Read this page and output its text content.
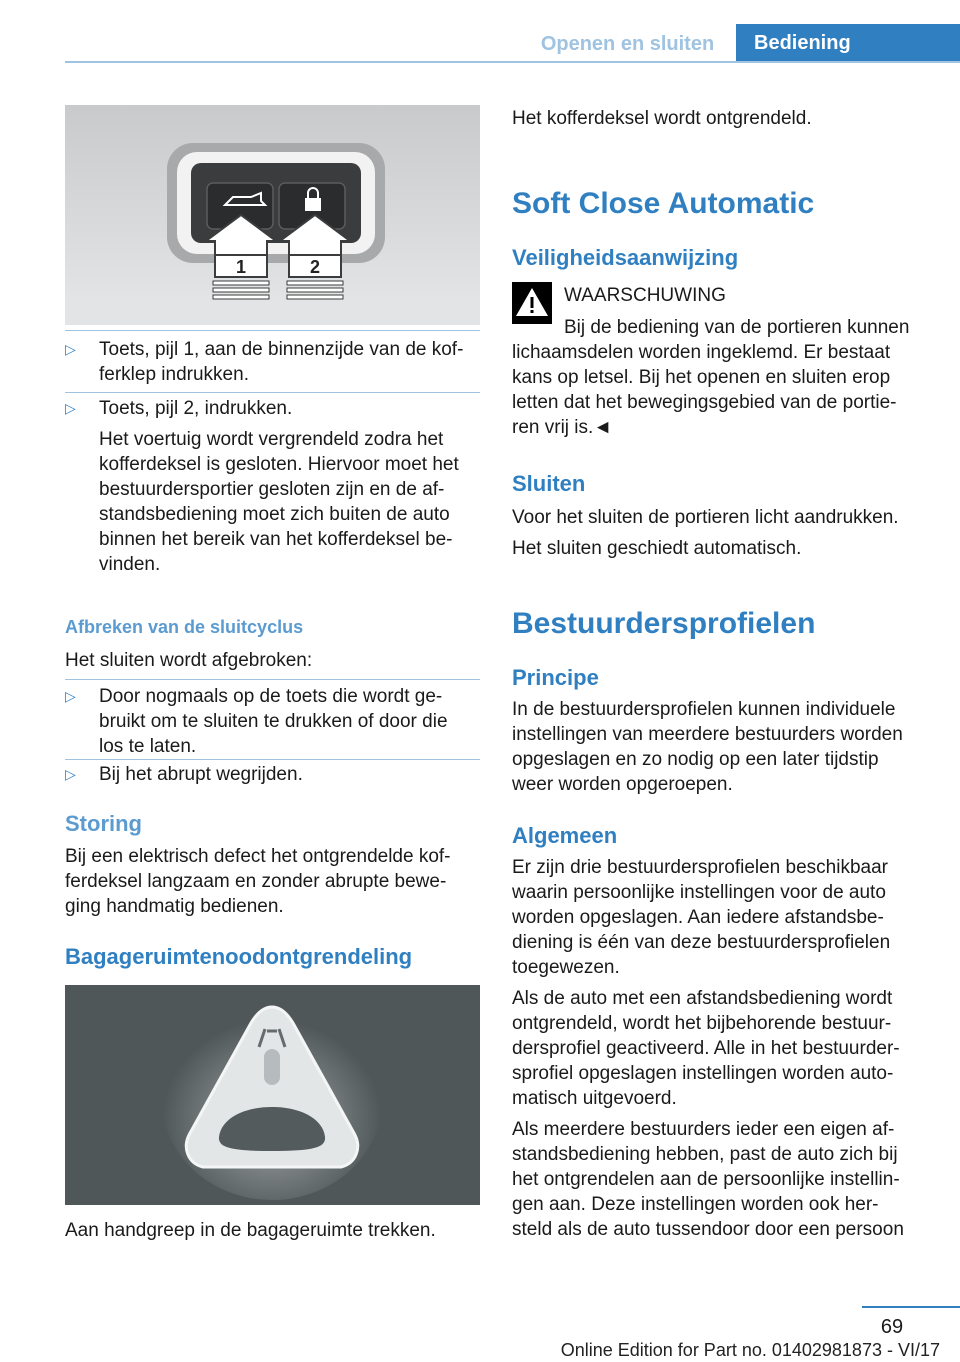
Openen en sluiten	Bediening
1	2
▷ Toets, pijl 1, aan de binnenzijde van de kof-
ferklep indrukken.
▷ Toets, pijl 2, indrukken.
Het voertuig wordt vergrendeld zodra het
kofferdeksel is gesloten. Hiervoor moet het
bestuurdersportier gesloten zijn en de af-
standsbediening moet zich buiten de auto
binnen het bereik van het kofferdeksel be-
vinden.
Afbreken van de sluitcyclus
Het sluiten wordt afgebroken:
▷ Door nogmaals op de toets die wordt ge-
bruikt om te sluiten te drukken of door die
los te laten.
▷ Bij het abrupt wegrijden.
Storing
Bij een elektrisch defect het ontgrendelde kof-
ferdeksel langzaam en zonder abrupte bewe-
ging handmatig bedienen.
Bagageruimtenoodontgrendeling
Aan handgreep in de bagageruimte trekken.
Het kofferdeksel wordt ontgrendeld.
Soft Close Automatic
Veiligheidsaanwijzing
WAARSCHUWING
Bij de bediening van de portieren kunnen
lichaamsdelen worden ingeklemd. Er bestaat
kans op letsel. Bij het openen en sluiten erop
letten dat het bewegingsgebied van de portie-
ren vrij is.◄
Sluiten
Voor het sluiten de portieren licht aandrukken.
Het sluiten geschiedt automatisch.
Bestuurdersprofielen
Principe
In de bestuurdersprofielen kunnen individuele
instellingen van meerdere bestuurders worden
opgeslagen en zo nodig op een later tijdstip
weer worden opgeroepen.
Algemeen
Er zijn drie bestuurdersprofielen beschikbaar
waarin persoonlijke instellingen voor de auto
worden opgeslagen. Aan iedere afstandsbe-
diening is één van deze bestuurdersprofielen
toegewezen.
Als de auto met een afstandsbediening wordt
ontgrendeld, wordt het bijbehorende bestuur-
dersprofiel geactiveerd. Alle in het bestuurder-
sprofiel opgeslagen instellingen worden auto-
matisch uitgevoerd.
Als meerdere bestuurders ieder een eigen af-
standsbediening hebben, past de auto zich bij
het ontgrendelen aan de persoonlijke instellin-
gen aan. Deze instellingen worden ook her-
steld als de auto tussendoor door een persoon
69
Online Edition for Part no. 01402981873 - VI/17
